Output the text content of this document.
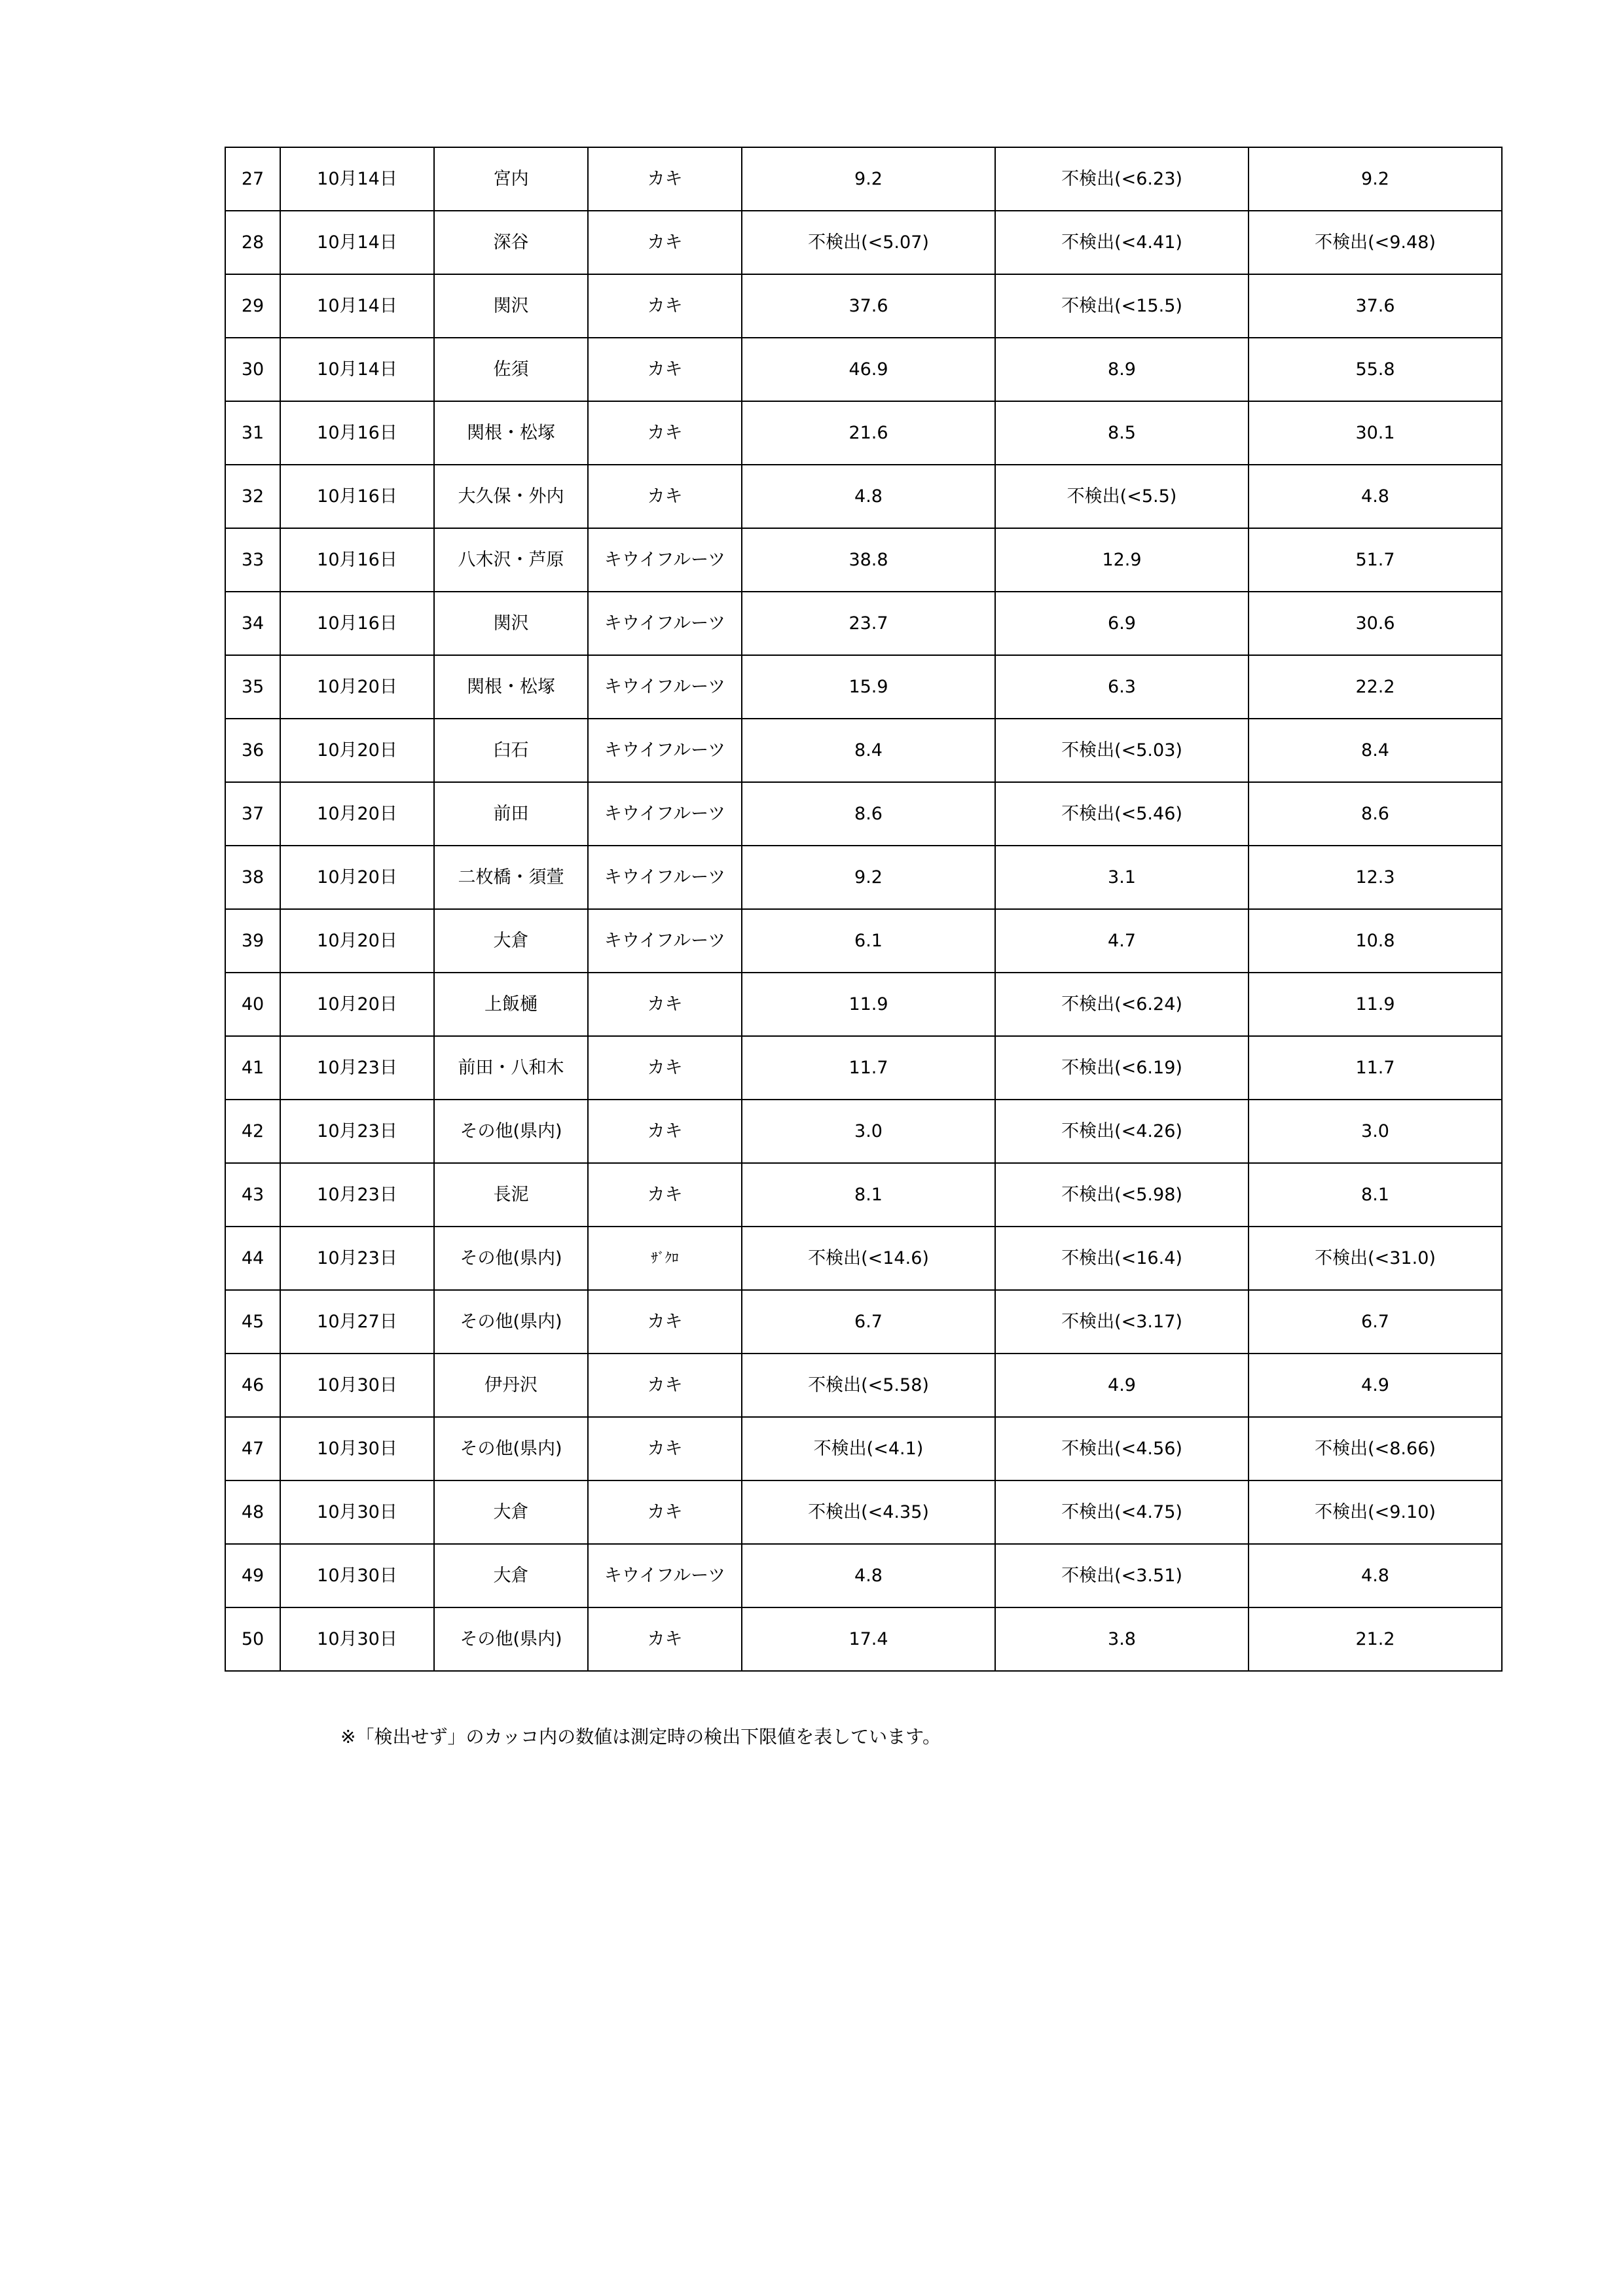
27	10月14日	宮内	カキ	9.2	不検出(<6.23)	9.2
28	10月14日	深谷	カキ	不検出(<5.07)	不検出(<4.41)	不検出(<9.48)
29	10月14日	関沢	カキ	37.6	不検出(<15.5)	37.6
30	10月14日	佐須	カキ	46.9	8.9	55.8
31	10月16日	関根・松塚	カキ	21.6	8.5	30.1
32	10月16日	大久保・外内	カキ	4.8	不検出(<5.5)	4.8
33	10月16日	八木沢・芦原	キウイフルーツ	38.8	12.9	51.7
34	10月16日	関沢	キウイフルーツ	23.7	6.9	30.6
35	10月20日	関根・松塚	キウイフルーツ	15.9	6.3	22.2
36	10月20日	臼石	キウイフルーツ	8.4	不検出(<5.03)	8.4
37	10月20日	前田	キウイフルーツ	8.6	不検出(<5.46)	8.6
38	10月20日	二枚橋・須萱	キウイフルーツ	9.2	3.1	12.3
39	10月20日	大倉	キウイフルーツ	6.1	4.7	10.8
40	10月20日	上飯樋	カキ	11.9	不検出(<6.24)	11.9
41	10月23日	前田・八和木	カキ	11.7	不検出(<6.19)	11.7
42	10月23日	その他(県内)	カキ	3.0	不検出(<4.26)	3.0
43	10月23日	長泥	カキ	8.1	不検出(<5.98)	8.1
44	10月23日	その他(県内)	ｻﾞｸﾛ	不検出(<14.6)	不検出(<16.4)	不検出(<31.0)
45	10月27日	その他(県内)	カキ	6.7	不検出(<3.17)	6.7
46	10月30日	伊丹沢	カキ	不検出(<5.58)	4.9	4.9
47	10月30日	その他(県内)	カキ	不検出(<4.1)	不検出(<4.56)	不検出(<8.66)
48	10月30日	大倉	カキ	不検出(<4.35)	不検出(<4.75)	不検出(<9.10)
49	10月30日	大倉	キウイフルーツ	4.8	不検出(<3.51)	4.8
50	10月30日	その他(県内)	カキ	17.4	3.8	21.2

※「検出せず」のカッコ内の数値は測定時の検出下限値を表しています。
